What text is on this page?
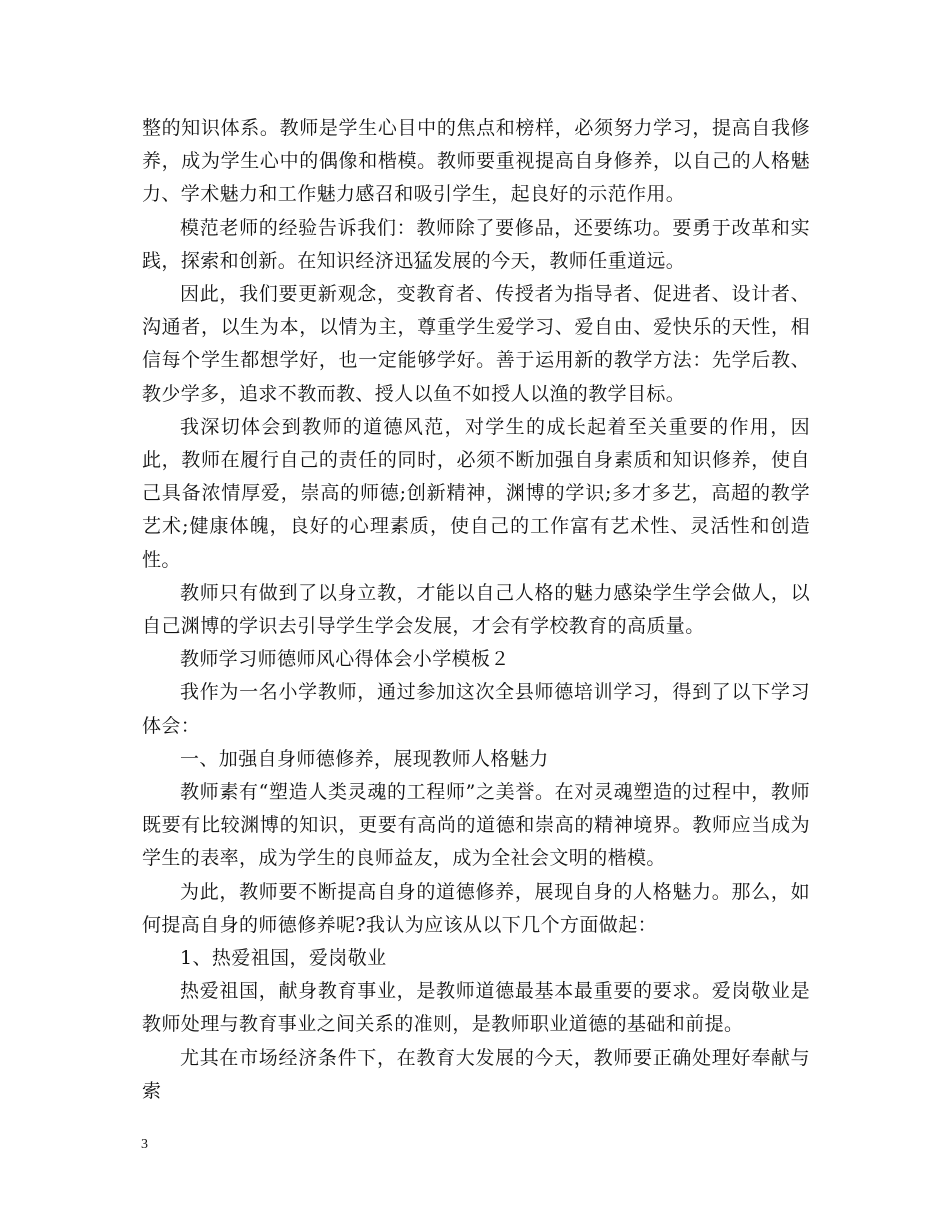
整的知识体系。教师是学生心目中的焦点和榜样，必须努力学习，提高自我修养，成为学生心中的偶像和楷模。教师要重视提高自身修养，以自己的人格魅力、学术魅力和工作魅力感召和吸引学生，起良好的示范作用。

模范老师的经验告诉我们：教师除了要修品，还要练功。要勇于改革和实践，探索和创新。在知识经济迅猛发展的今天，教师任重道远。

因此，我们要更新观念，变教育者、传授者为指导者、促进者、设计者、沟通者，以生为本，以情为主，尊重学生爱学习、爱自由、爱快乐的天性，相信每个学生都想学好，也一定能够学好。善于运用新的教学方法：先学后教、教少学多，追求不教而教、授人以鱼不如授人以渔的教学目标。

我深切体会到教师的道德风范，对学生的成长起着至关重要的作用，因此，教师在履行自己的责任的同时，必须不断加强自身素质和知识修养，使自己具备浓情厚爱，崇高的师德;创新精神，渊博的学识;多才多艺，高超的教学艺术;健康体魄，良好的心理素质，使自己的工作富有艺术性、灵活性和创造性。

教师只有做到了以身立教，才能以自己人格的魅力感染学生学会做人，以自己渊博的学识去引导学生学会发展，才会有学校教育的高质量。

教师学习师德师风心得体会小学模板２

我作为一名小学教师，通过参加这次全县师德培训学习，得到了以下学习体会：

一、加强自身师德修养，展现教师人格魅力

教师素有“塑造人类灵魂的工程师”之美誉。在对灵魂塑造的过程中，教师既要有比较渊博的知识，更要有高尚的道德和崇高的精神境界。教师应当成为学生的表率，成为学生的良师益友，成为全社会文明的楷模。

为此，教师要不断提高自身的道德修养，展现自身的人格魅力。那么，如何提高自身的师德修养呢?我认为应该从以下几个方面做起：

1、热爱祖国，爱岗敬业

热爱祖国，献身教育事业，是教师道德最基本最重要的要求。爱岗敬业是教师处理与教育事业之间关系的准则，是教师职业道德的基础和前提。

尤其在市场经济条件下，在教育大发展的今天，教师要正确处理好奉献与索

3
